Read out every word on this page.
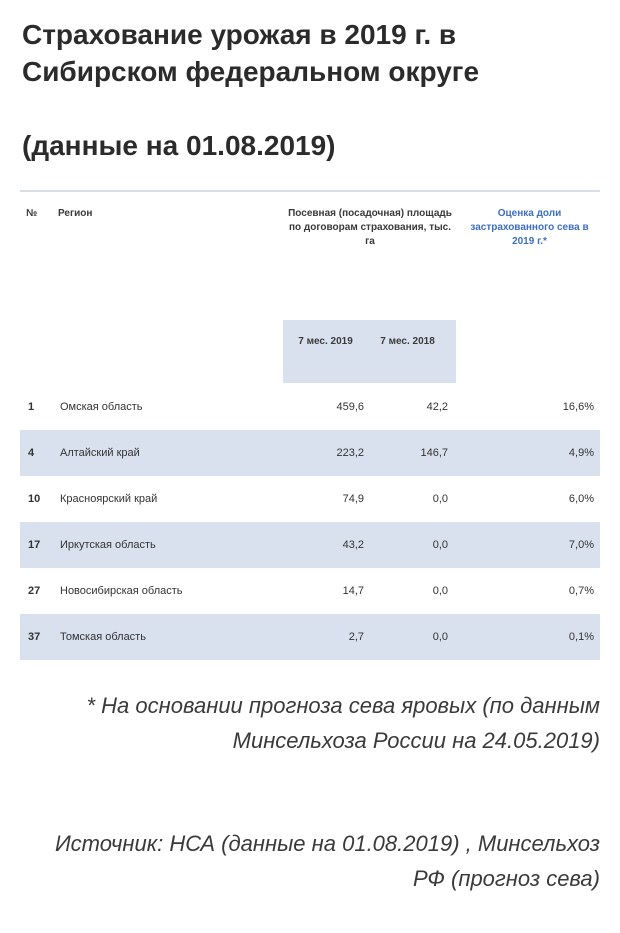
Страхование урожая в 2019 г. в Сибирском федеральном округе
(данные на 01.08.2019)
№ Регион	Посевная (посадочная) площадь по договорам страхования, тыс. га
Оценка доли застрахованного сева в 2019 г.*
7 мес. 2019	7 мес. 2018
1 Омская область	459,6	42,2	16,6%
4 Алтайский край	223,2	146,7	4,9%
10 Красноярский край	74,9	0,0	6,0%
17 Иркутская область	43,2	0,0	7,0%
27 Новосибирская область	14,7	0,0	0,7%
37 Томская область	2,7	0,0	0,1%

* На основании прогноза сева яровых (по данным Минсельхоза России на 24.05.2019)

Источник: НСА (данные на 01.08.2019) , Минсельхоз РФ (прогноз сева)
